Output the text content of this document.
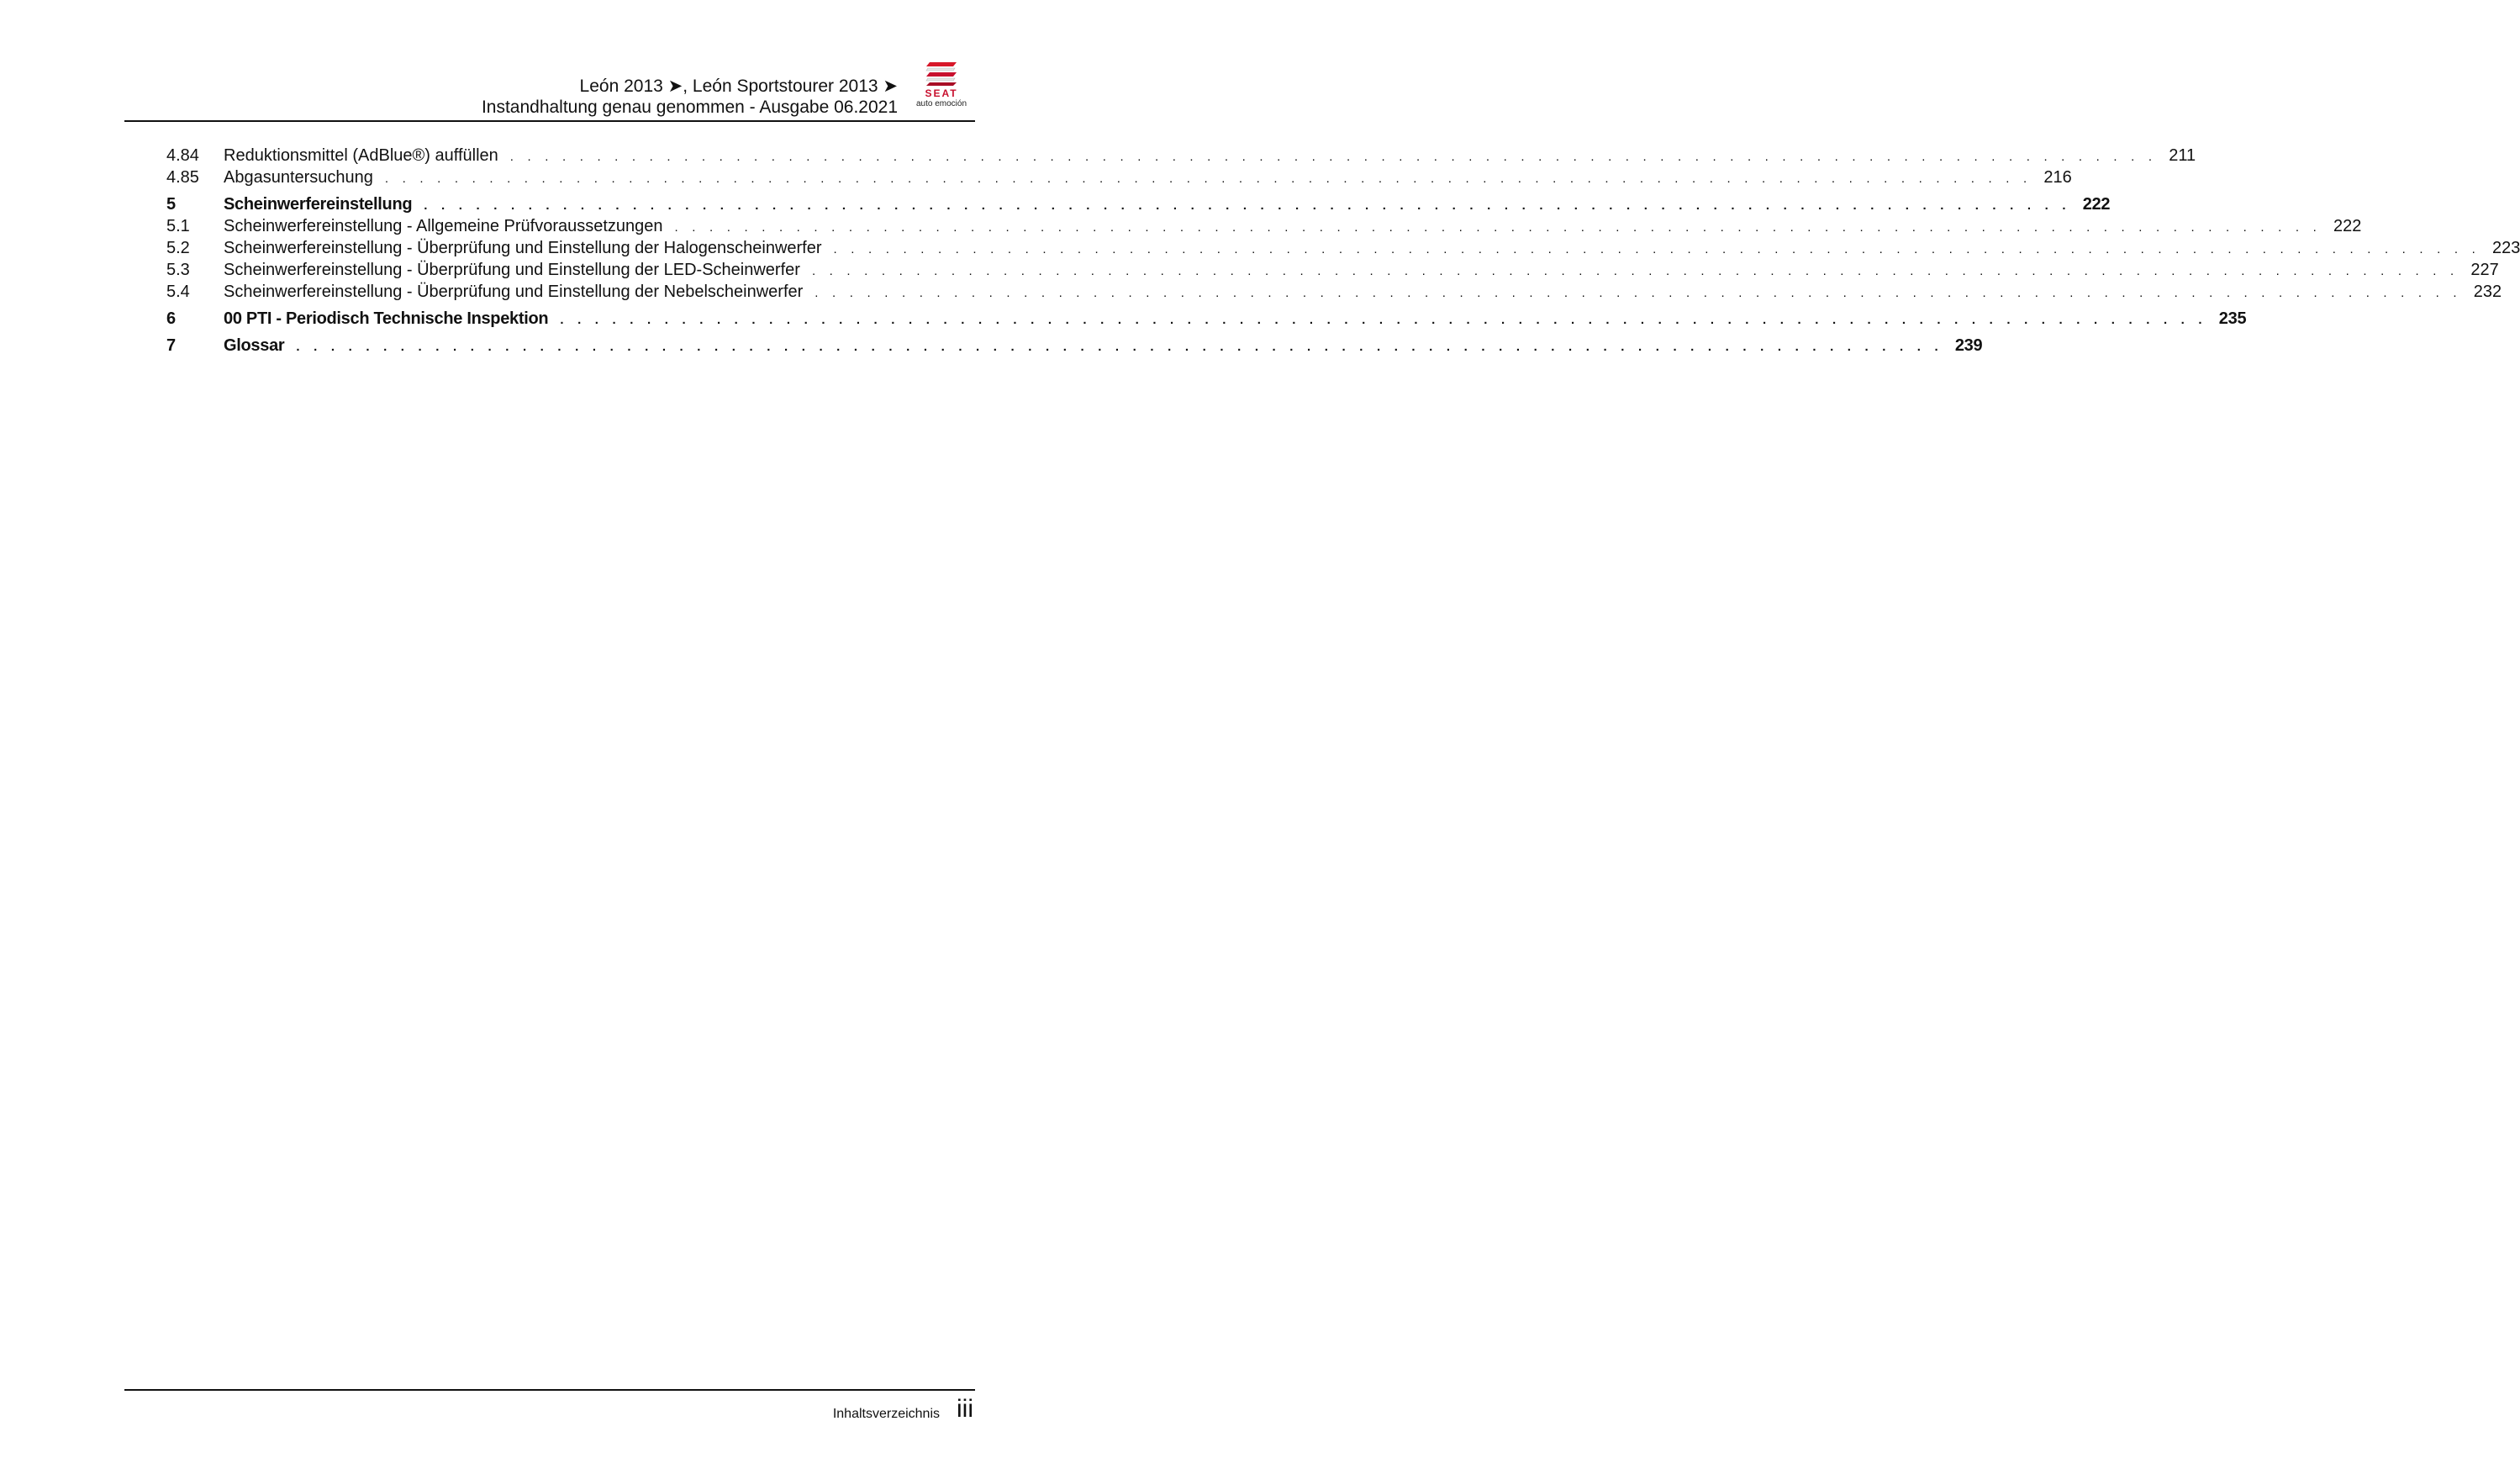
León 2013 ➤, León Sportstourer 2013 ➤
Instandhaltung genau genommen - Ausgabe 06.2021
SEAT
auto emoción
4.84	Reduktionsmittel (AdBlue®) auffüllen . . . . . . . . . . . . . . . . . . . . . . . . . . . . . . . . . . . . . . . . . . . . . . . . . . . . . . . . . . . . . . . . . . . . . . . . . . . . . . . . . . . . . . . . . . . . . . . 211
4.85	Abgasuntersuchung . . . . . . . . . . . . . . . . . . . . . . . . . . . . . . . . . . . . . . . . . . . . . . . . . . . . . . . . . . . . . . . . . . . . . . . . . . . . . . . . . . . . . . . . . . . . . . . 216
5	Scheinwerfereinstellung . . . . . . . . . . . . . . . . . . . . . . . . . . . . . . . . . . . . . . . . . . . . . . . . . . . . . . . . . . . . . . . . . . . . . . . . . . . . . . . . . . . . . . . . . . . . . . . 222
5.1	Scheinwerfereinstellung - Allgemeine Prüfvoraussetzungen . . . . . . . . . . . . . . . . . . . . . . . . . . . . . . . . . . . . . . . . . . . . . . . . . . . . . . . . . . . . . . . . . . . . . . . . . . . . . . . . . . . . . . . . . . . . . . . 222
5.2	Scheinwerfereinstellung - Überprüfung und Einstellung der Halogenscheinwerfer . . . . . . . . . . . . . . . . . . . . . . . . . . . . . . . . . . . . . . . . . . . . . . . . . . . . . . . . . . . . . . . . . . . . . . . . . . . . . . . . . . . . . . . . . . . . . . . 223
5.3	Scheinwerfereinstellung - Überprüfung und Einstellung der LED-Scheinwerfer . . . . . . . . . . . . . . . . . . . . . . . . . . . . . . . . . . . . . . . . . . . . . . . . . . . . . . . . . . . . . . . . . . . . . . . . . . . . . . . . . . . . . . . . . . . . . . . 227
5.4	Scheinwerfereinstellung - Überprüfung und Einstellung der Nebelscheinwerfer . . . . . . . . . . . . . . . . . . . . . . . . . . . . . . . . . . . . . . . . . . . . . . . . . . . . . . . . . . . . . . . . . . . . . . . . . . . . . . . . . . . . . . . . . . . . . . . 232
6	00 PTI - Periodisch Technische Inspektion . . . . . . . . . . . . . . . . . . . . . . . . . . . . . . . . . . . . . . . . . . . . . . . . . . . . . . . . . . . . . . . . . . . . . . . . . . . . . . . . . . . . . . . . . . . . . . . 235
7	Glossar . . . . . . . . . . . . . . . . . . . . . . . . . . . . . . . . . . . . . . . . . . . . . . . . . . . . . . . . . . . . . . . . . . . . . . . . . . . . . . . . . . . . . . . . . . . . . . . 239
Inhaltsverzeichnis iii
